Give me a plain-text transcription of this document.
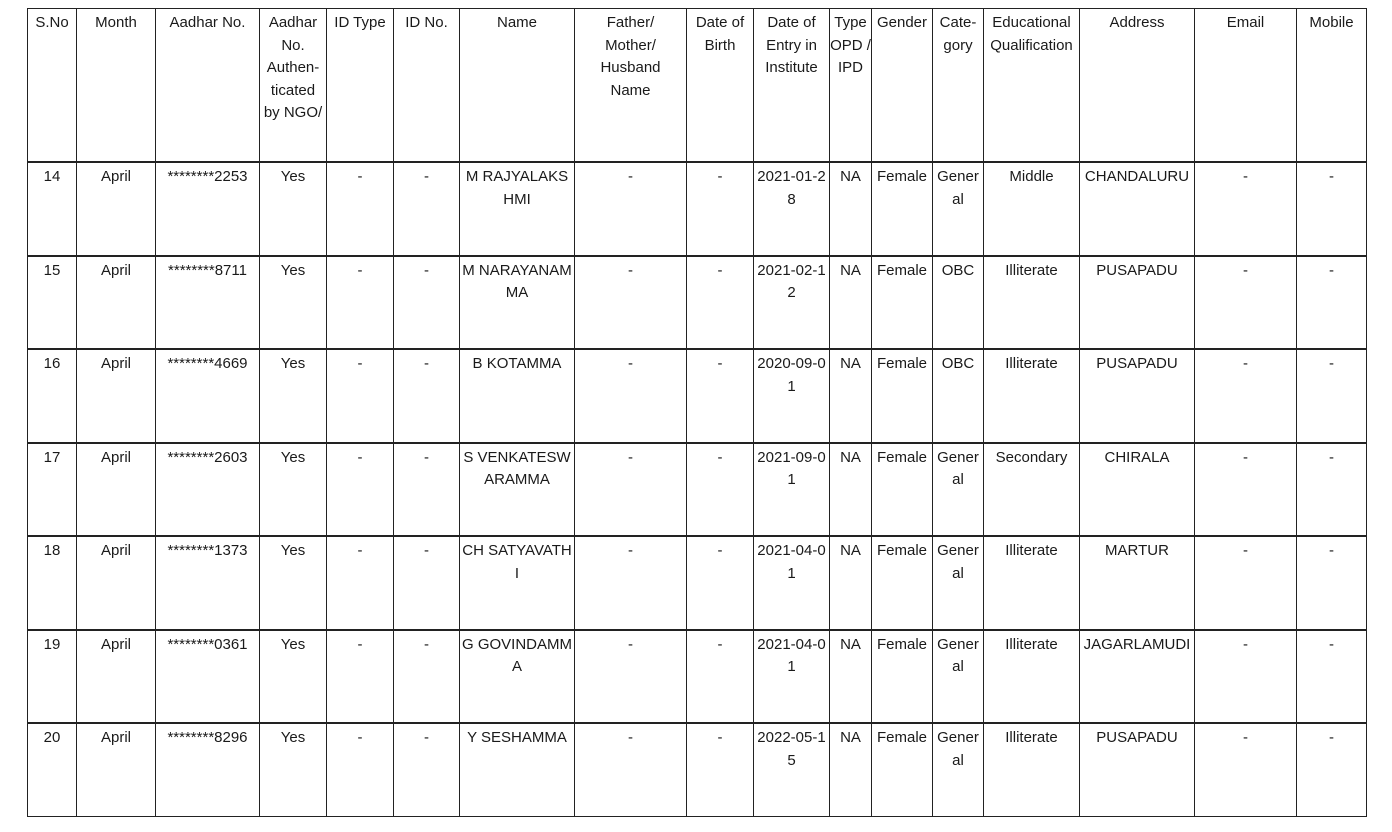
S.No	Month	Aadhar No.	Aadhar No. Authen-ticated by NGO/	ID Type	ID No.	Name	Father/ Mother/ Husband Name	Date of Birth	Date of Entry in Institute	Type OPD / IPD	Gender	Cate-gory	Educational Qualification	Address	Email	Mobile
14	April	********2253	Yes	-	-	M RAJYALAKSHMI	-	-	2021-01-28	NA	Female	General	Middle	CHANDALURU	-	-
15	April	********8711	Yes	-	-	M NARAYANAMMA	-	-	2021-02-12	NA	Female	OBC	Illiterate	PUSAPADU	-	-
16	April	********4669	Yes	-	-	B KOTAMMA	-	-	2020-09-01	NA	Female	OBC	Illiterate	PUSAPADU	-	-
17	April	********2603	Yes	-	-	S VENKATESWARAMMA	-	-	2021-09-01	NA	Female	General	Secondary	CHIRALA	-	-
18	April	********1373	Yes	-	-	CH SATYAVATHI	-	-	2021-04-01	NA	Female	General	Illiterate	MARTUR	-	-
19	April	********0361	Yes	-	-	G GOVINDAMMA	-	-	2021-04-01	NA	Female	General	Illiterate	JAGARLAMUDI	-	-
20	April	********8296	Yes	-	-	Y SESHAMMA	-	-	2022-05-15	NA	Female	General	Illiterate	PUSAPADU	-	-
